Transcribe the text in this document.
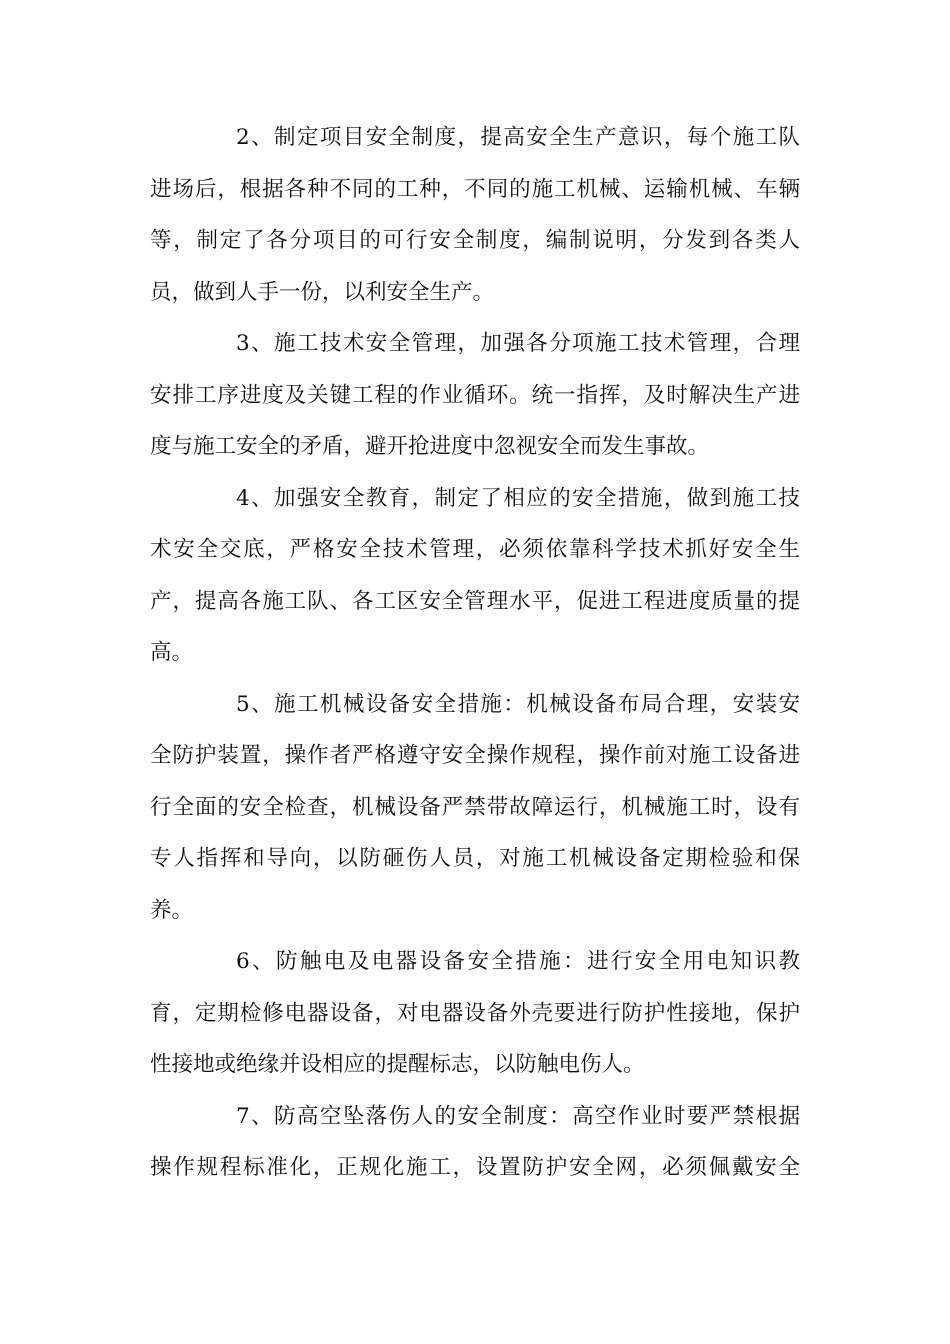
2、制定项目安全制度，提高安全生产意识，每个施工队
进场后，根据各种不同的工种，不同的施工机械、运输机械、车辆
等，制定了各分项目的可行安全制度，编制说明，分发到各类人
员，做到人手一份，以利安全生产。
3、施工技术安全管理，加强各分项施工技术管理，合理
安排工序进度及关键工程的作业循环。统一指挥，及时解决生产进
度与施工安全的矛盾，避开抢进度中忽视安全而发生事故。
4、加强安全教育，制定了相应的安全措施，做到施工技
术安全交底，严格安全技术管理，必须依靠科学技术抓好安全生
产，提高各施工队、各工区安全管理水平，促进工程进度质量的提
高。
5、施工机械设备安全措施：机械设备布局合理，安装安
全防护装置，操作者严格遵守安全操作规程，操作前对施工设备进
行全面的安全检查，机械设备严禁带故障运行，机械施工时，设有
专人指挥和导向，以防砸伤人员，对施工机械设备定期检验和保
养。
6、防触电及电器设备安全措施：进行安全用电知识教
育，定期检修电器设备，对电器设备外壳要进行防护性接地，保护
性接地或绝缘并设相应的提醒标志，以防触电伤人。
7、防高空坠落伤人的安全制度：高空作业时要严禁根据
操作规程标准化，正规化施工，设置防护安全网，必须佩戴安全
